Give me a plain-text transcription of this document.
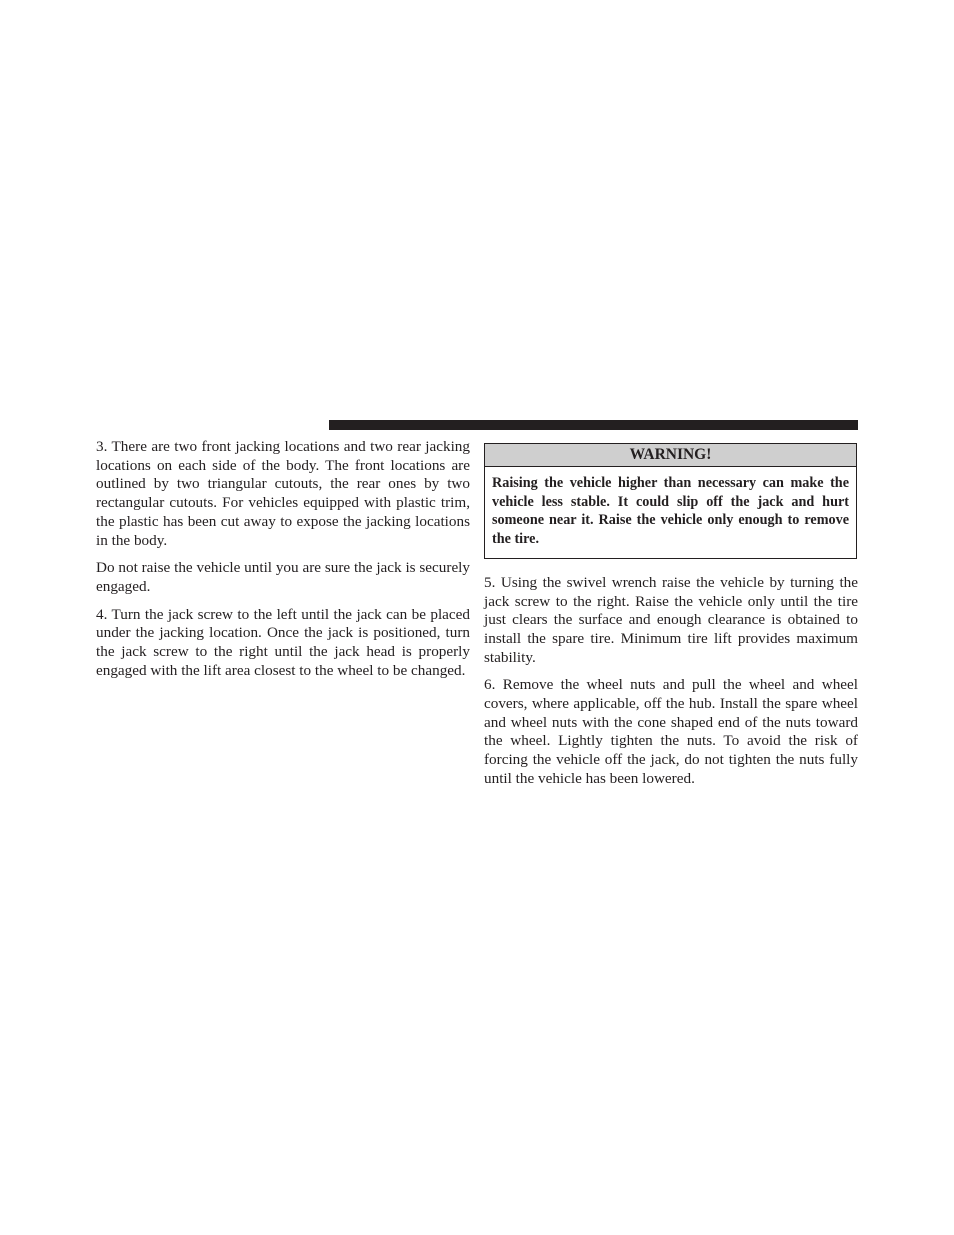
3. There are two front jacking locations and two rear jacking locations on each side of the body. The front locations are outlined by two triangular cutouts, the rear ones by two rectangular cutouts. For vehicles equipped with plastic trim, the plastic has been cut away to expose the jacking locations in the body.

Do not raise the vehicle until you are sure the jack is securely engaged.

4. Turn the jack screw to the left until the jack can be placed under the jacking location. Once the jack is positioned, turn the jack screw to the right until the jack head is properly engaged with the lift area closest to the wheel to be changed.

WARNING!

Raising the vehicle higher than necessary can make the vehicle less stable. It could slip off the jack and hurt someone near it. Raise the vehicle only enough to remove the tire.

5. Using the swivel wrench raise the vehicle by turning the jack screw to the right. Raise the vehicle only until the tire just clears the surface and enough clearance is obtained to install the spare tire. Minimum tire lift provides maximum stability.

6. Remove the wheel nuts and pull the wheel and wheel covers, where applicable, off the hub. Install the spare wheel and wheel nuts with the cone shaped end of the nuts toward the wheel. Lightly tighten the nuts. To avoid the risk of forcing the vehicle off the jack, do not tighten the nuts fully until the vehicle has been lowered.
